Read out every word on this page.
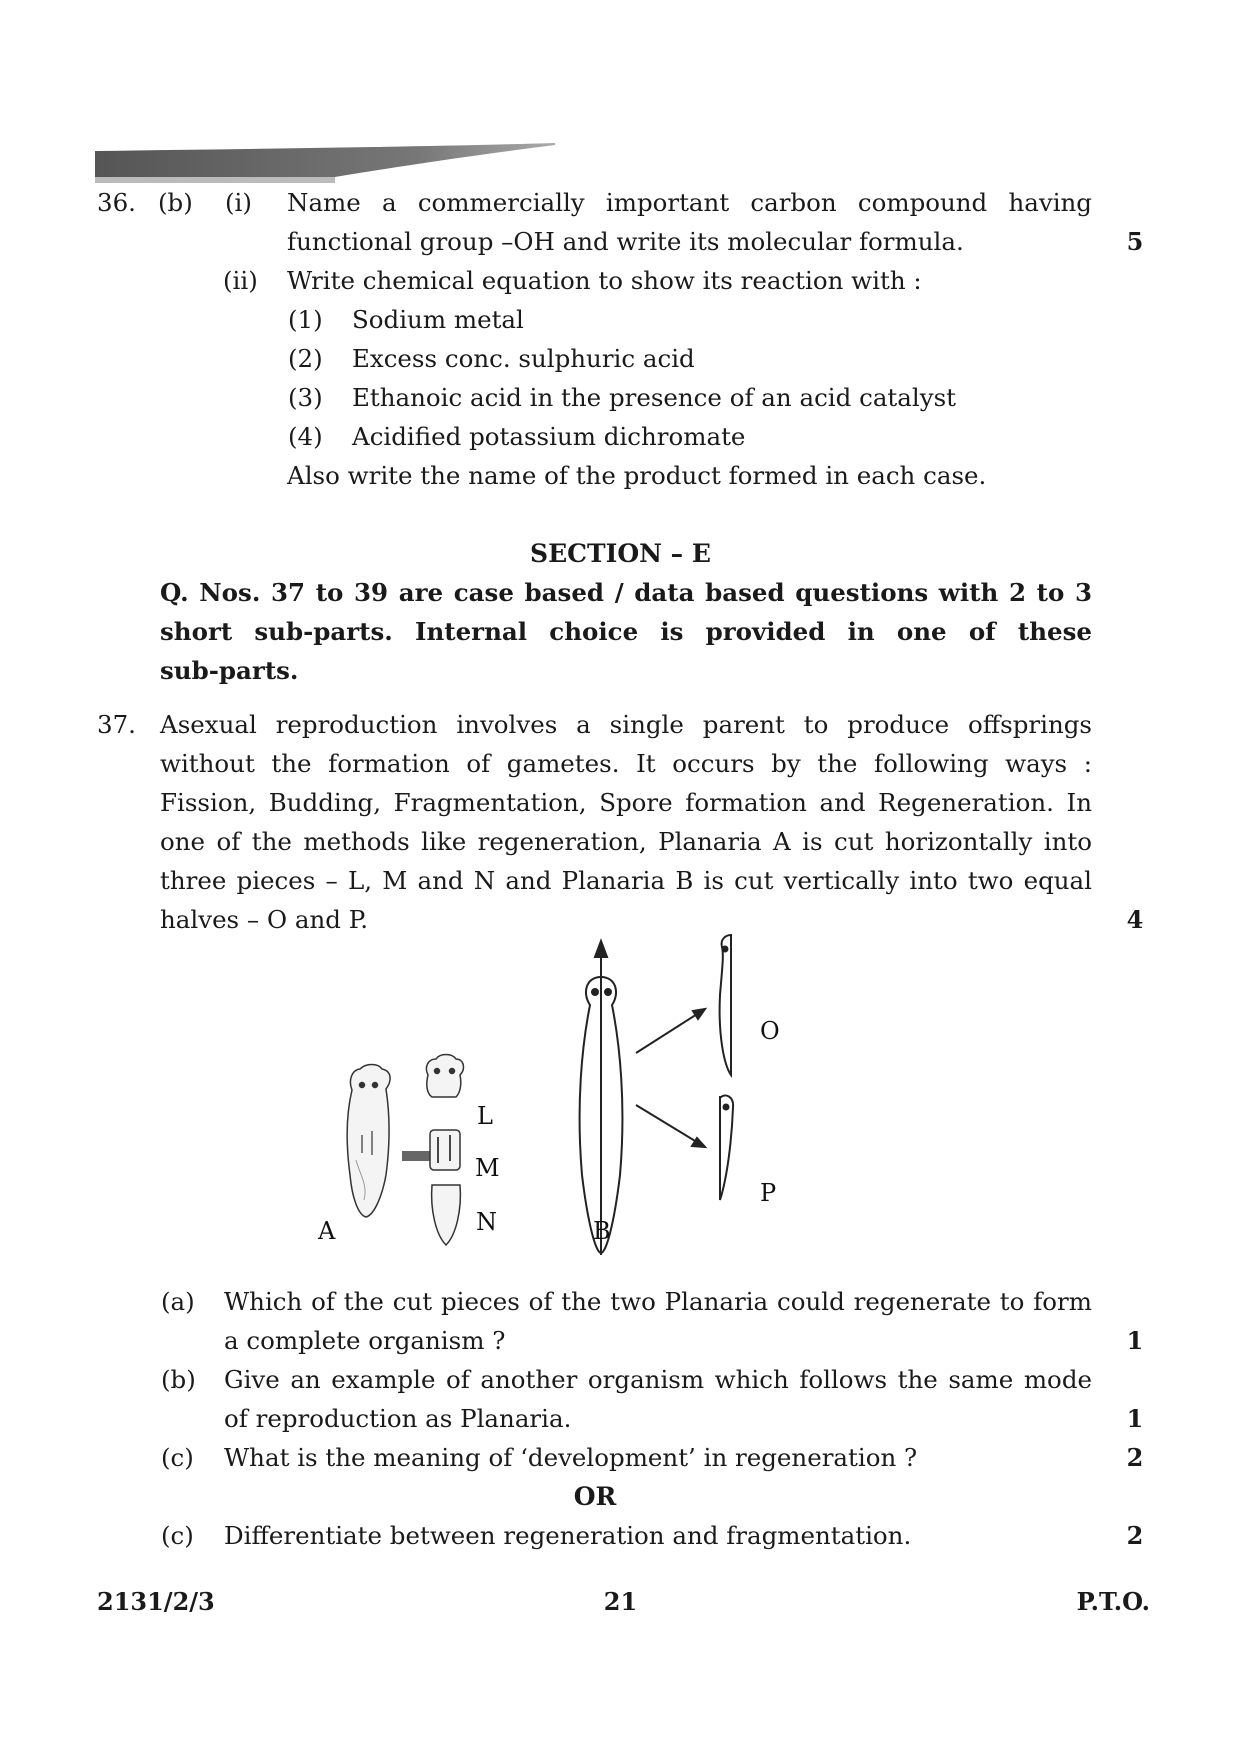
36. (b) (i) Name a commercially important carbon compound having
functional group –OH and write its molecular formula.	5
(ii) Write chemical equation to show its reaction with :
(1) Sodium metal
(2) Excess conc. sulphuric acid
(3) Ethanoic acid in the presence of an acid catalyst
(4) Acidified potassium dichromate
Also write the name of the product formed in each case.
SECTION – E
Q. Nos. 37 to 39 are case based / data based questions with 2 to 3
short sub-parts. Internal choice is provided in one of these
sub-parts.
37. Asexual reproduction involves a single parent to produce offsprings
without the formation of gametes. It occurs by the following ways :
Fission, Budding, Fragmentation, Spore formation and Regeneration. In
one of the methods like regeneration, Planaria A is cut horizontally into
three pieces – L, M and N and Planaria B is cut vertically into two equal
halves – O and P.	4
A	B
L
M
N
O
P
(a) Which of the cut pieces of the two Planaria could regenerate to form
a complete organism ?	1
(b) Give an example of another organism which follows the same mode
of reproduction as Planaria.	1
(c) What is the meaning of ‘development’ in regeneration ?	2
OR
(c) Differentiate between regeneration and fragmentation.	2
2131/2/3	21	P.T.O.
